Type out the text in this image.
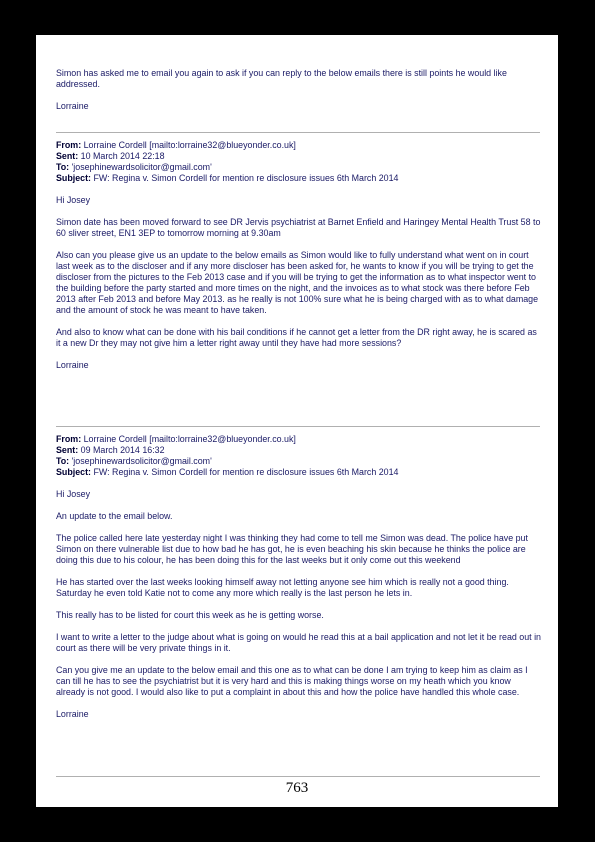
Simon has asked me to email you again to ask if you can reply to the below emails there is still points he would like addressed.

Lorraine

From: Lorraine Cordell [mailto:lorraine32@blueyonder.co.uk]

Sent: 10 March 2014 22:18

To: 'josephinewardsolicitor@gmail.com'

Subject: FW: Regina v. Simon Cordell for mention re disclosure issues 6th March 2014

Hi Josey

Simon date has been moved forward to see DR Jervis psychiatrist at Barnet Enfield and Haringey Mental Health Trust 58 to 60 sliver street, EN1 3EP to tomorrow morning at 9.30am

Also can you please give us an update to the below emails as Simon would like to fully understand what went on in court last week as to the discloser and if any more discloser has been asked for, he wants to know if you will be trying to get the discloser from the pictures to the Feb 2013 case and if you will be trying to get the information as to what inspector went to the building before the party started and more times on the night, and the invoices as to what stock was there before Feb 2013 after Feb 2013 and before May 2013. as he really is not 100% sure what he is being charged with as to what damage and the amount of stock he was meant to have taken.

And also to know what can be done with his bail conditions if he cannot get a letter from the DR right away, he is scared as it a new Dr they may not give him a letter right away until they have had more sessions?

Lorraine

From: Lorraine Cordell [mailto:lorraine32@blueyonder.co.uk]

Sent: 09 March 2014 16:32

To: 'josephinewardsolicitor@gmail.com'

Subject: FW: Regina v. Simon Cordell for mention re disclosure issues 6th March 2014

Hi Josey

An update to the email below.

The police called here late yesterday night I was thinking they had come to tell me Simon was dead. The police have put Simon on there vulnerable list due to how bad he has got, he is even beaching his skin because he thinks the police are doing this due to his colour, he has been doing this for the last weeks but it only come out this weekend

He has started over the last weeks looking himself away not letting anyone see him which is really not a good thing. Saturday he even told Katie not to come any more which really is the last person he lets in.

This really has to be listed for court this week as he is getting worse.

I want to write a letter to the judge about what is going on would he read this at a bail application and not let it be read out in court as there will be very private things in it.

Can you give me an update to the below email and this one as to what can be done I am trying to keep him as claim as I can till he has to see the psychiatrist but it is very hard and this is making things worse on my heath which you know already is not good. I would also like to put a complaint in about this and how the police have handled this whole case.

Lorraine

763
